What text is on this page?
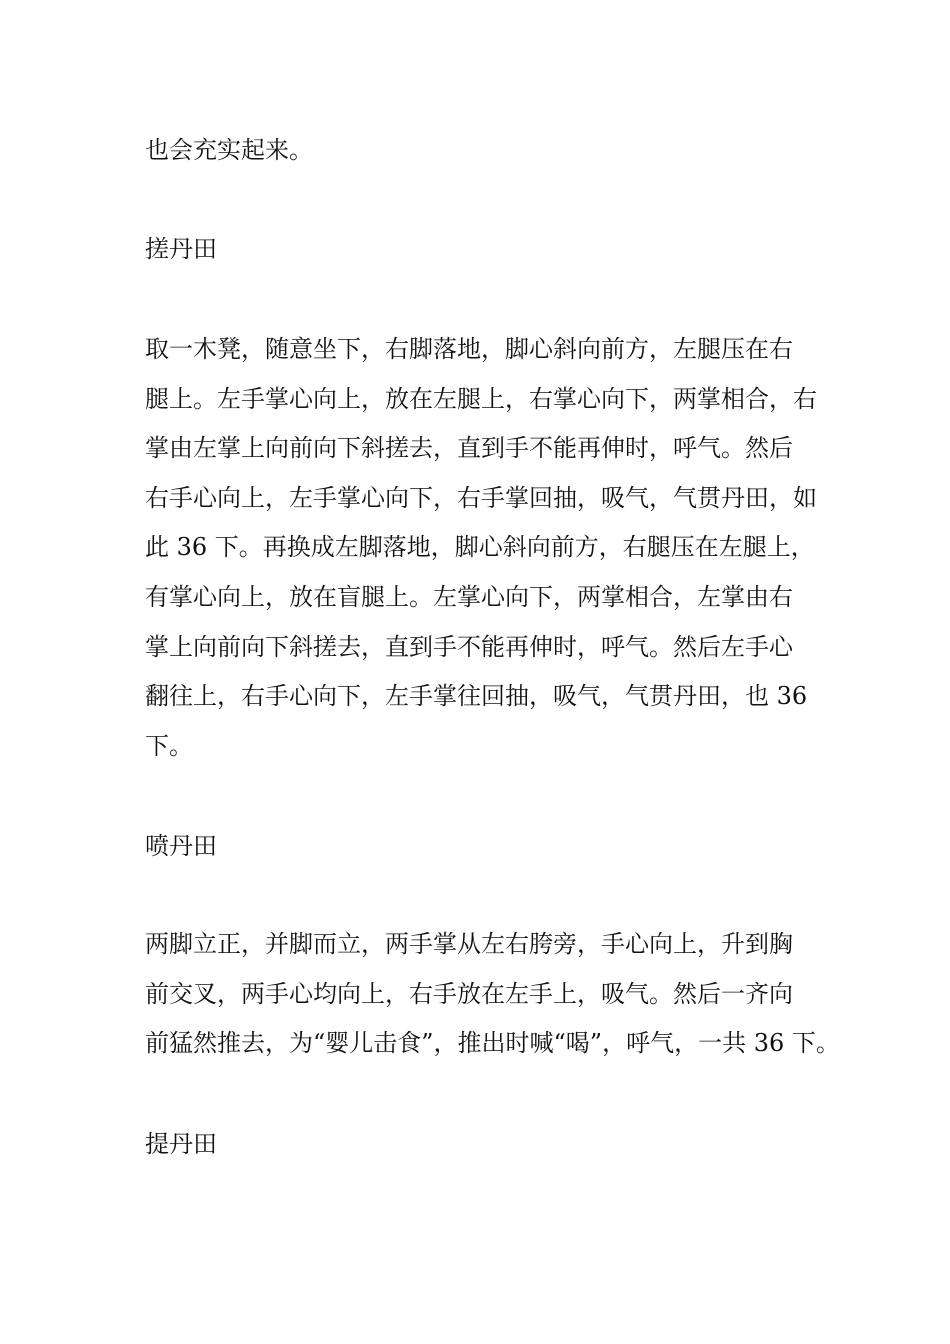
也会充实起来。

搓丹田

取一木凳，随意坐下，右脚落地，脚心斜向前方，左腿压在右
腿上。左手掌心向上，放在左腿上，右掌心向下，两掌相合，右
掌由左掌上向前向下斜搓去，直到手不能再伸时，呼气。然后
右手心向上，左手掌心向下，右手掌回抽，吸气，气贯丹田，如
此 36 下。再换成左脚落地，脚心斜向前方，右腿压在左腿上，
有掌心向上，放在盲腿上。左掌心向下，两掌相合，左掌由右
掌上向前向下斜搓去，直到手不能再伸时，呼气。然后左手心
翻往上，右手心向下，左手掌往回抽，吸气，气贯丹田，也 36
下。

喷丹田

两脚立正，并脚而立，两手掌从左右胯旁，手心向上，升到胸
前交叉，两手心均向上，右手放在左手上，吸气。然后一齐向
前猛然推去，为“婴儿击食”，推出时喊“喝”，呼气，一共 36 下。

提丹田
